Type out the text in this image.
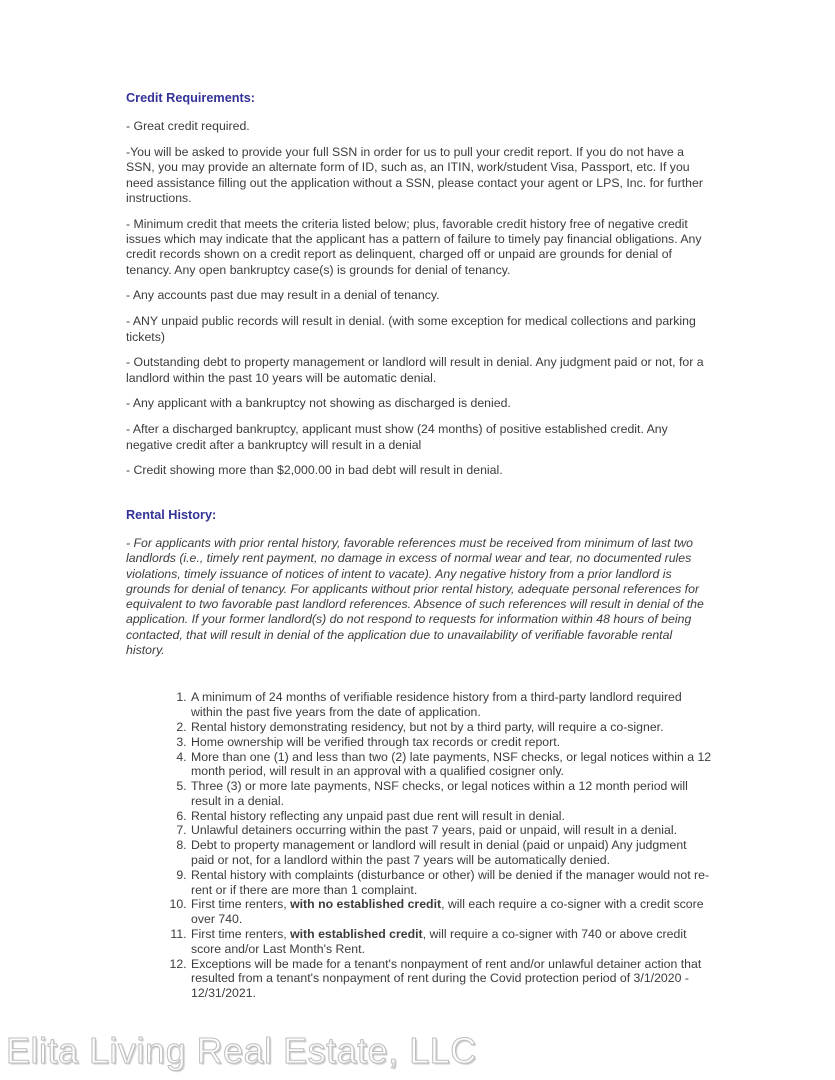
Credit Requirements:

- Great credit required.

-You will be asked to provide your full SSN in order for us to pull your credit report. If you do not have a SSN, you may provide an alternate form of ID, such as, an ITIN, work/student Visa, Passport, etc. If you need assistance filling out the application without a SSN, please contact your agent or LPS, Inc. for further instructions.

- Minimum credit that meets the criteria listed below; plus, favorable credit history free of negative credit issues which may indicate that the applicant has a pattern of failure to timely pay financial obligations. Any credit records shown on a credit report as delinquent, charged off or unpaid are grounds for denial of tenancy. Any open bankruptcy case(s) is grounds for denial of tenancy.

- Any accounts past due may result in a denial of tenancy.

- ANY unpaid public records will result in denial. (with some exception for medical collections and parking tickets)

- Outstanding debt to property management or landlord will result in denial. Any judgment paid or not, for a landlord within the past 10 years will be automatic denial.

- Any applicant with a bankruptcy not showing as discharged is denied.

- After a discharged bankruptcy, applicant must show (24 months) of positive established credit. Any negative credit after a bankruptcy will result in a denial

- Credit showing more than $2,000.00 in bad debt will result in denial.

Rental History:

- For applicants with prior rental history, favorable references must be received from minimum of last two landlords (i.e., timely rent payment, no damage in excess of normal wear and tear, no documented rules violations, timely issuance of notices of intent to vacate). Any negative history from a prior landlord is grounds for denial of tenancy. For applicants without prior rental history, adequate personal references for equivalent to two favorable past landlord references. Absence of such references will result in denial of the application. If your former landlord(s) do not respond to requests for information within 48 hours of being contacted, that will result in denial of the application due to unavailability of verifiable favorable rental history.

1. A minimum of 24 months of verifiable residence history from a third-party landlord required within the past five years from the date of application.
2. Rental history demonstrating residency, but not by a third party, will require a co-signer.
3. Home ownership will be verified through tax records or credit report.
4. More than one (1) and less than two (2) late payments, NSF checks, or legal notices within a 12 month period, will result in an approval with a qualified cosigner only.
5. Three (3) or more late payments, NSF checks, or legal notices within a 12 month period will result in a denial.
6. Rental history reflecting any unpaid past due rent will result in denial.
7. Unlawful detainers occurring within the past 7 years, paid or unpaid, will result in a denial.
8. Debt to property management or landlord will result in denial (paid or unpaid) Any judgment paid or not, for a landlord within the past 7 years will be automatically denied.
9. Rental history with complaints (disturbance or other) will be denied if the manager would not re-rent or if there are more than 1 complaint.
10. First time renters, with no established credit, will each require a co-signer with a credit score over 740.
11. First time renters, with established credit, will require a co-signer with 740 or above credit score and/or Last Month's Rent.
12. Exceptions will be made for a tenant's nonpayment of rent and/or unlawful detainer action that resulted from a tenant's nonpayment of rent during the Covid protection period of 3/1/2020 - 12/31/2021.
Elita Living Real Estate, LLC
